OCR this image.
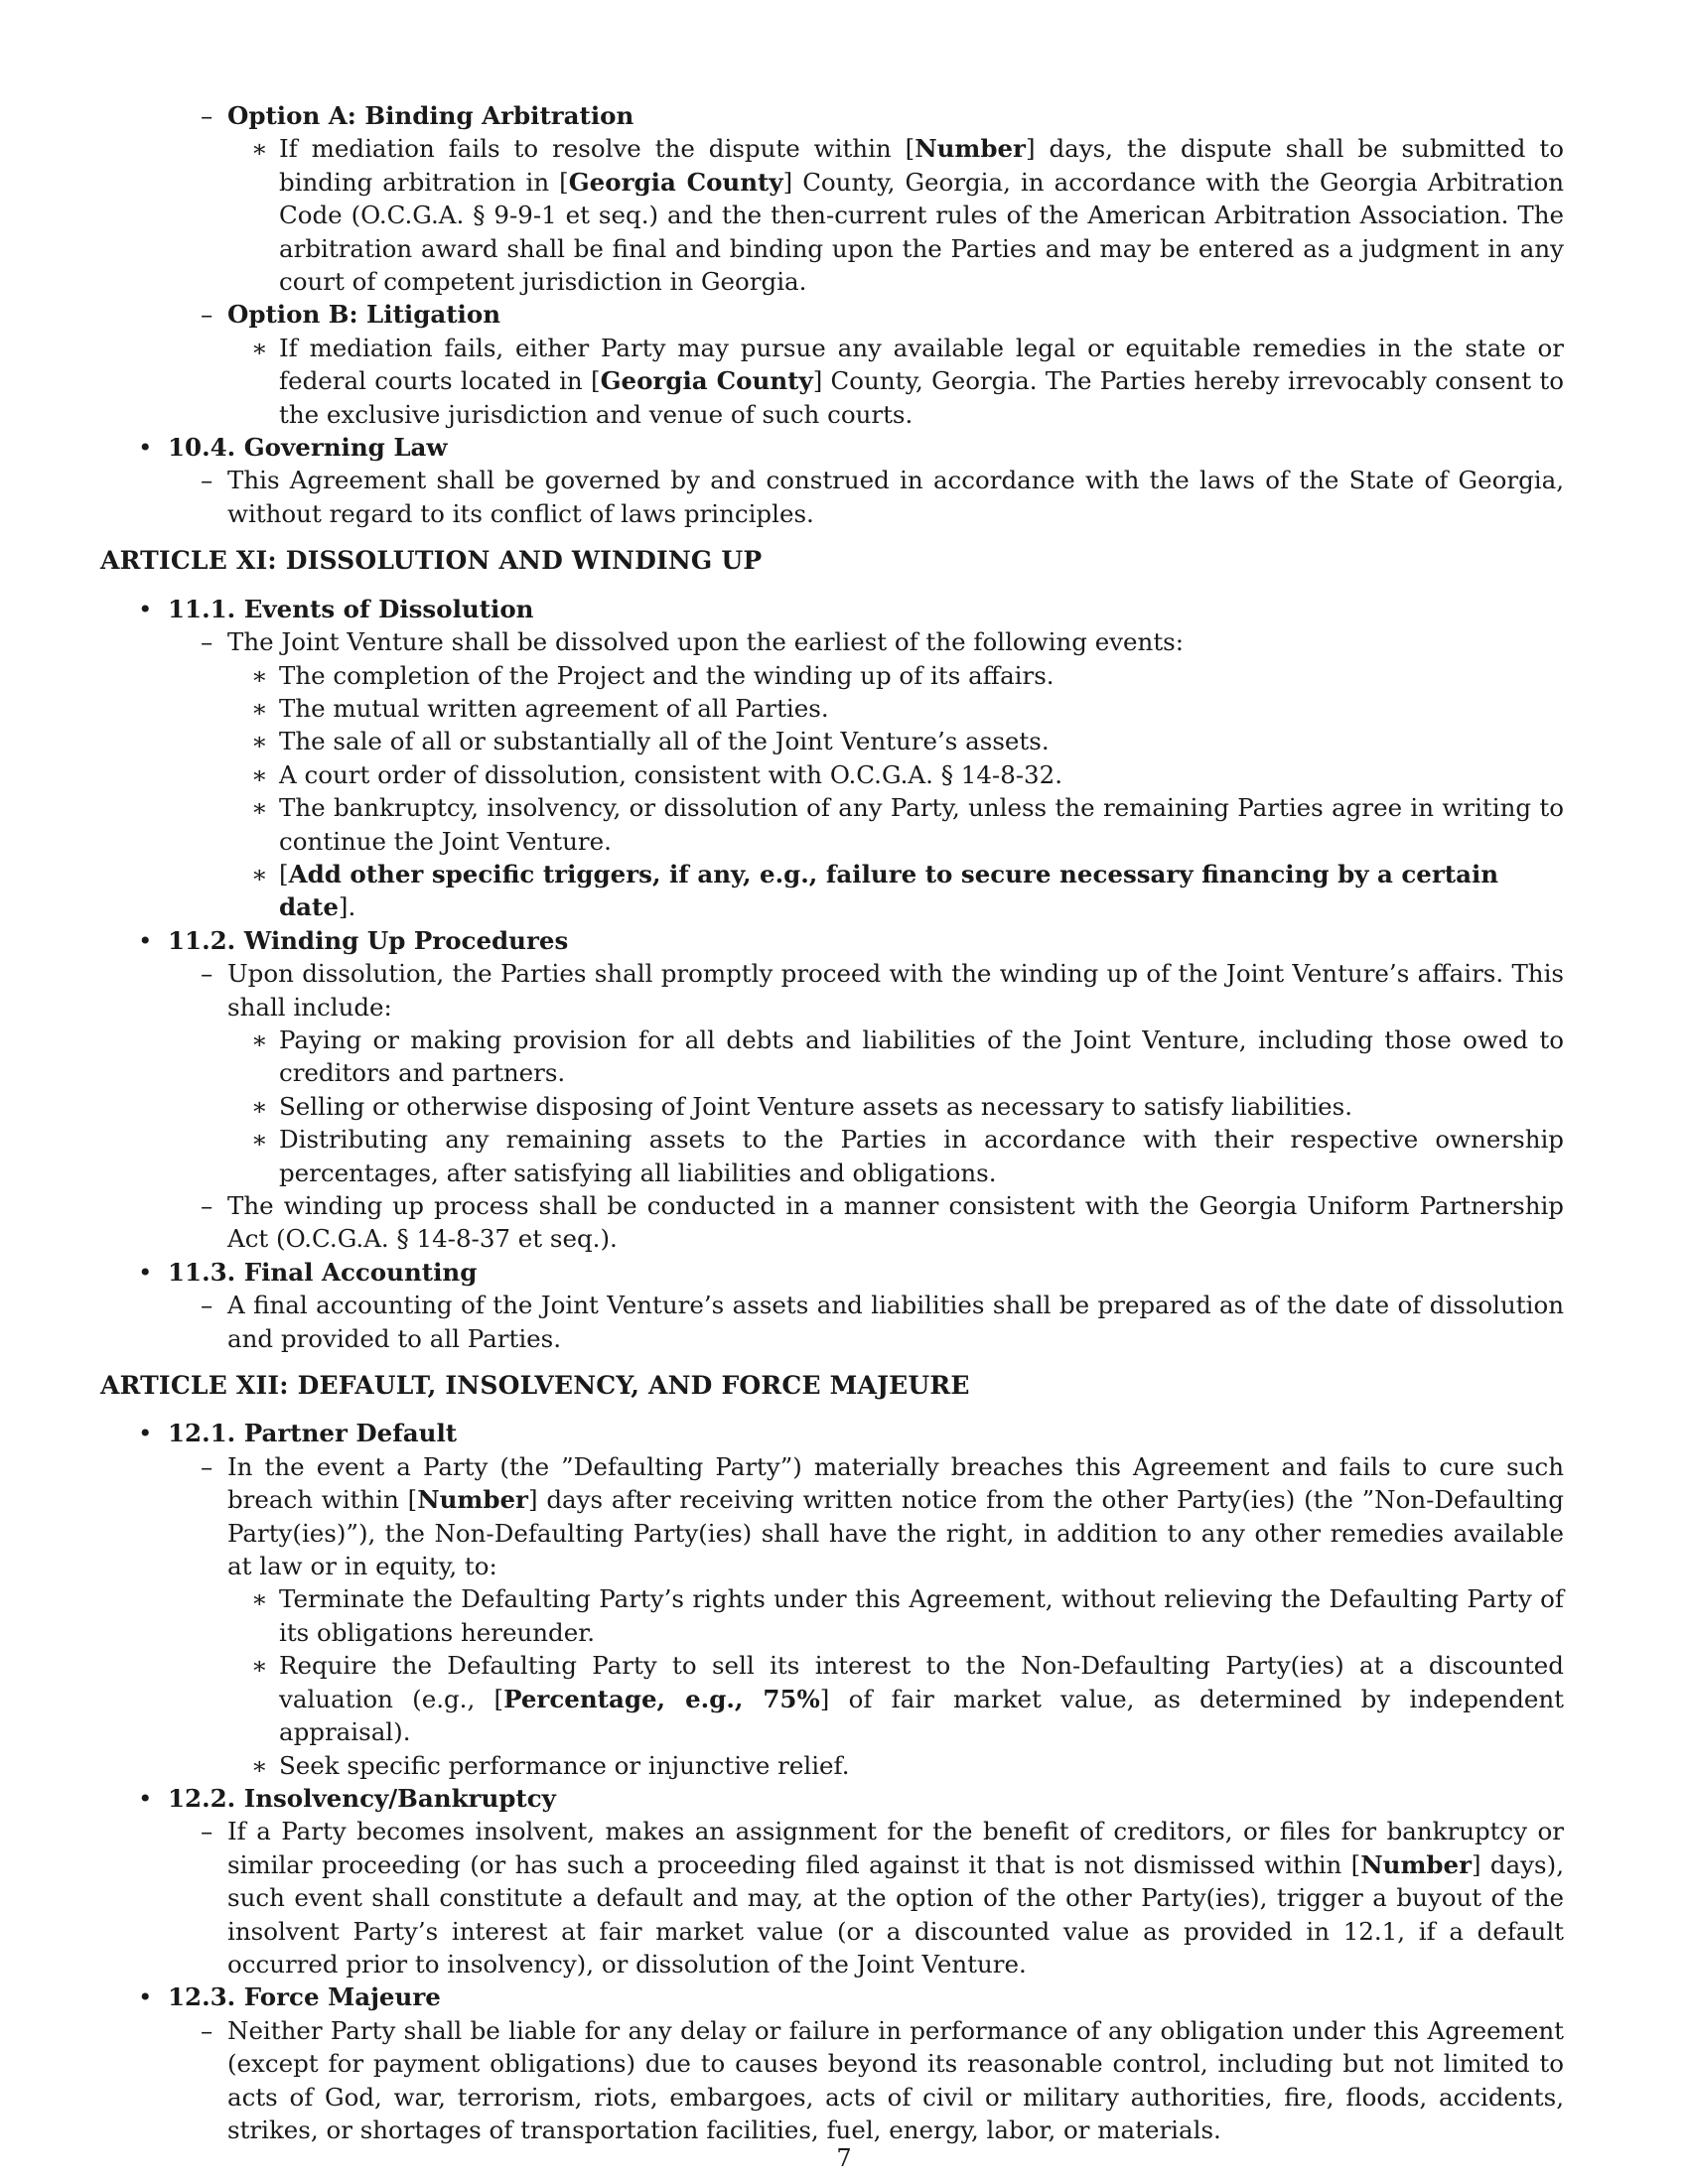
– Option A: Binding Arbitration
∗ If mediation fails to resolve the dispute within [Number] days, the dispute shall be submitted to binding arbitration in [Georgia County] County, Georgia, in accordance with the Georgia Arbitration Code (O.C.G.A. § 9-9-1 et seq.) and the then-current rules of the American Arbitration Association. The arbitration award shall be final and binding upon the Parties and may be entered as a judgment in any court of competent jurisdiction in Georgia.
– Option B: Litigation
∗ If mediation fails, either Party may pursue any available legal or equitable remedies in the state or federal courts located in [Georgia County] County, Georgia. The Parties hereby irrevocably consent to the exclusive jurisdiction and venue of such courts.
• 10.4. Governing Law
– This Agreement shall be governed by and construed in accordance with the laws of the State of Georgia, without regard to its conflict of laws principles.
ARTICLE XI: DISSOLUTION AND WINDING UP
• 11.1. Events of Dissolution
– The Joint Venture shall be dissolved upon the earliest of the following events:
∗ The completion of the Project and the winding up of its affairs.
∗ The mutual written agreement of all Parties.
∗ The sale of all or substantially all of the Joint Venture’s assets.
∗ A court order of dissolution, consistent with O.C.G.A. § 14-8-32.
∗ The bankruptcy, insolvency, or dissolution of any Party, unless the remaining Parties agree in writing to continue the Joint Venture.
∗ [Add other specific triggers, if any, e.g., failure to secure necessary financing by a certain date].
• 11.2. Winding Up Procedures
– Upon dissolution, the Parties shall promptly proceed with the winding up of the Joint Venture’s affairs. This shall include:
∗ Paying or making provision for all debts and liabilities of the Joint Venture, including those owed to creditors and partners.
∗ Selling or otherwise disposing of Joint Venture assets as necessary to satisfy liabilities.
∗ Distributing any remaining assets to the Parties in accordance with their respective ownership percentages, after satisfying all liabilities and obligations.
– The winding up process shall be conducted in a manner consistent with the Georgia Uniform Partnership Act (O.C.G.A. § 14-8-37 et seq.).
• 11.3. Final Accounting
– A final accounting of the Joint Venture’s assets and liabilities shall be prepared as of the date of dissolution and provided to all Parties.
ARTICLE XII: DEFAULT, INSOLVENCY, AND FORCE MAJEURE
• 12.1. Partner Default
– In the event a Party (the ”Defaulting Party”) materially breaches this Agreement and fails to cure such breach within [Number] days after receiving written notice from the other Party(ies) (the ”Non-Defaulting Party(ies)”), the Non-Defaulting Party(ies) shall have the right, in addition to any other remedies available at law or in equity, to:
∗ Terminate the Defaulting Party’s rights under this Agreement, without relieving the Defaulting Party of its obligations hereunder.
∗ Require the Defaulting Party to sell its interest to the Non-Defaulting Party(ies) at a discounted valuation (e.g., [Percentage, e.g., 75%] of fair market value, as determined by independent appraisal).
∗ Seek specific performance or injunctive relief.
• 12.2. Insolvency/Bankruptcy
– If a Party becomes insolvent, makes an assignment for the benefit of creditors, or files for bankruptcy or similar proceeding (or has such a proceeding filed against it that is not dismissed within [Number] days), such event shall constitute a default and may, at the option of the other Party(ies), trigger a buyout of the insolvent Party’s interest at fair market value (or a discounted value as provided in 12.1, if a default occurred prior to insolvency), or dissolution of the Joint Venture.
• 12.3. Force Majeure
– Neither Party shall be liable for any delay or failure in performance of any obligation under this Agreement (except for payment obligations) due to causes beyond its reasonable control, including but not limited to acts of God, war, terrorism, riots, embargoes, acts of civil or military authorities, fire, floods, accidents, strikes, or shortages of transportation facilities, fuel, energy, labor, or materials.
7
